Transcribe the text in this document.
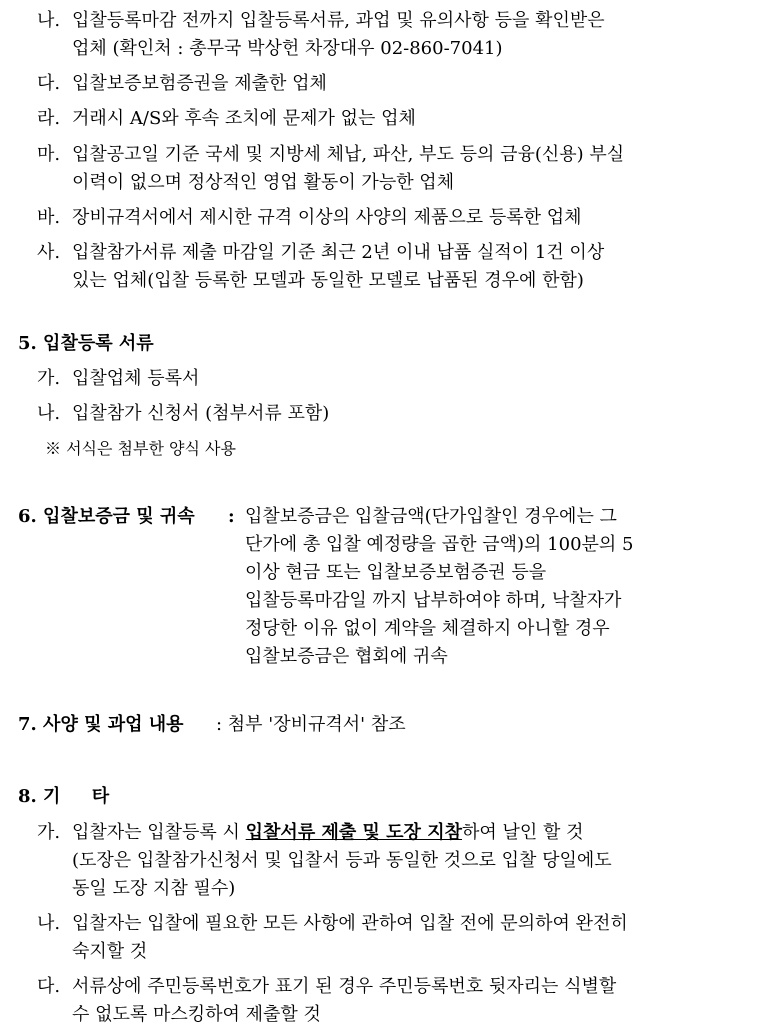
나. 입찰등록마감 전까지 입찰등록서류, 과업 및 유의사항 등을 확인받은
업체 (확인처 : 총무국 박상헌 차장대우 02-860-7041)
다. 입찰보증보험증권을 제출한 업체
라. 거래시 A/S와 후속 조치에 문제가 없는 업체
마. 입찰공고일 기준 국세 및 지방세 체납, 파산, 부도 등의 금융(신용) 부실
이력이 없으며 정상적인 영업 활동이 가능한 업체
바. 장비규격서에서 제시한 규격 이상의 사양의 제품으로 등록한 업체
사. 입찰참가서류 제출 마감일 기준 최근 2년 이내 납품 실적이 1건 이상
있는 업체(입찰 등록한 모델과 동일한 모델로 납품된 경우에 한함)
5. 입찰등록 서류
가. 입찰업체 등록서
나. 입찰참가 신청서 (첨부서류 포함)
※ 서식은 첨부한 양식 사용
6. 입찰보증금 및 귀속 : 입찰보증금은 입찰금액(단가입찰인 경우에는 그
단가에 총 입찰 예정량을 곱한 금액)의 100분의 5
이상 현금 또는 입찰보증보험증권 등을
입찰등록마감일 까지 납부하여야 하며, 낙찰자가
정당한 이유 없이 계약을 체결하지 아니할 경우
입찰보증금은 협회에 귀속
7. 사양 및 과업 내용 : 첨부 '장비규격서' 참조
8. 기     타
가. 입찰자는 입찰등록 시 입찰서류 제출 및 도장 지참하여 날인 할 것
(도장은 입찰참가신청서 및 입찰서 등과 동일한 것으로 입찰 당일에도
동일 도장 지참 필수)
나. 입찰자는 입찰에 필요한 모든 사항에 관하여 입찰 전에 문의하여 완전히
숙지할 것
다. 서류상에 주민등록번호가 표기 된 경우 주민등록번호 뒷자리는 식별할
수 없도록 마스킹하여 제출할 것
